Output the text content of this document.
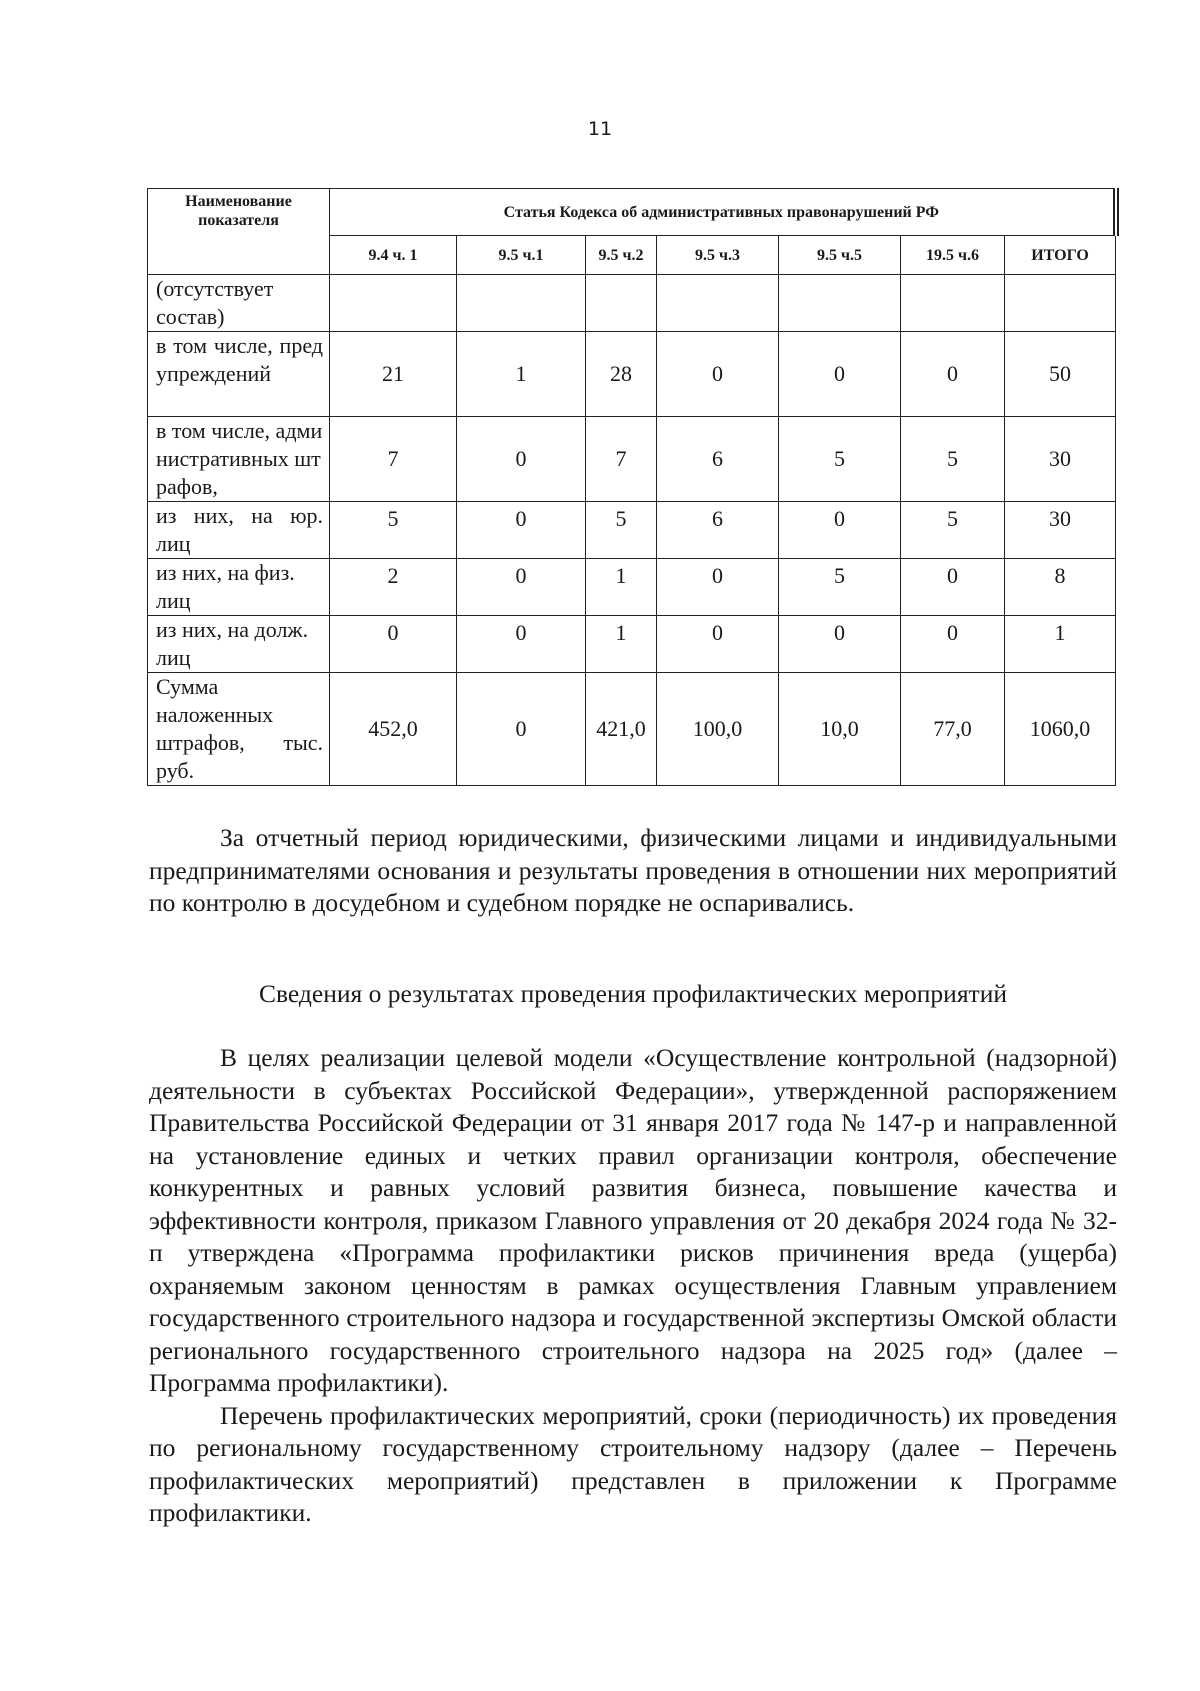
11
Наименование показателя	Статья Кодекса об административных правонарушений РФ						
	9.4 ч. 1	9.5 ч.1	9.5 ч.2	9.5 ч.3	9.5 ч.5	19.5 ч.6	ИТОГО
(отсутствует состав)							
в том числе, предупреждений	21	1	28	0	0	0	50
в том числе, административных штрафов,	7	0	7	6	5	5	30
из них, на юр. лиц	5	0	5	6	0	5	30
из них, на физ. лиц	2	0	1	0	5	0	8
из них, на долж. лиц	0	0	1	0	0	0	1
Сумма наложенных штрафов, тыс. руб.	452,0	0	421,0	100,0	10,0	77,0	1060,0

За отчетный период юридическими, физическими лицами и индивидуальными предпринимателями основания и результаты проведения в отношении них мероприятий по контролю в досудебном и судебном порядке не оспаривались.

Сведения о результатах проведения профилактических мероприятий

В целях реализации целевой модели «Осуществление контрольной (надзорной) деятельности в субъектах Российской Федерации», утвержденной распоряжением Правительства Российской Федерации от 31 января 2017 года № 147-р и направленной на установление единых и четких правил организации контроля, обеспечение конкурентных и равных условий развития бизнеса, повышение качества и эффективности контроля, приказом Главного управления от 20 декабря 2024 года № 32-п утверждена «Программа профилактики рисков причинения вреда (ущерба) охраняемым законом ценностям в рамках осуществления Главным управлением государственного строительного надзора и государственной экспертизы Омской области регионального государственного строительного надзора на 2025 год» (далее – Программа профилактики).

Перечень профилактических мероприятий, сроки (периодичность) их проведения по региональному государственному строительному надзору (далее – Перечень профилактических мероприятий) представлен в приложении к Программе профилактики.
